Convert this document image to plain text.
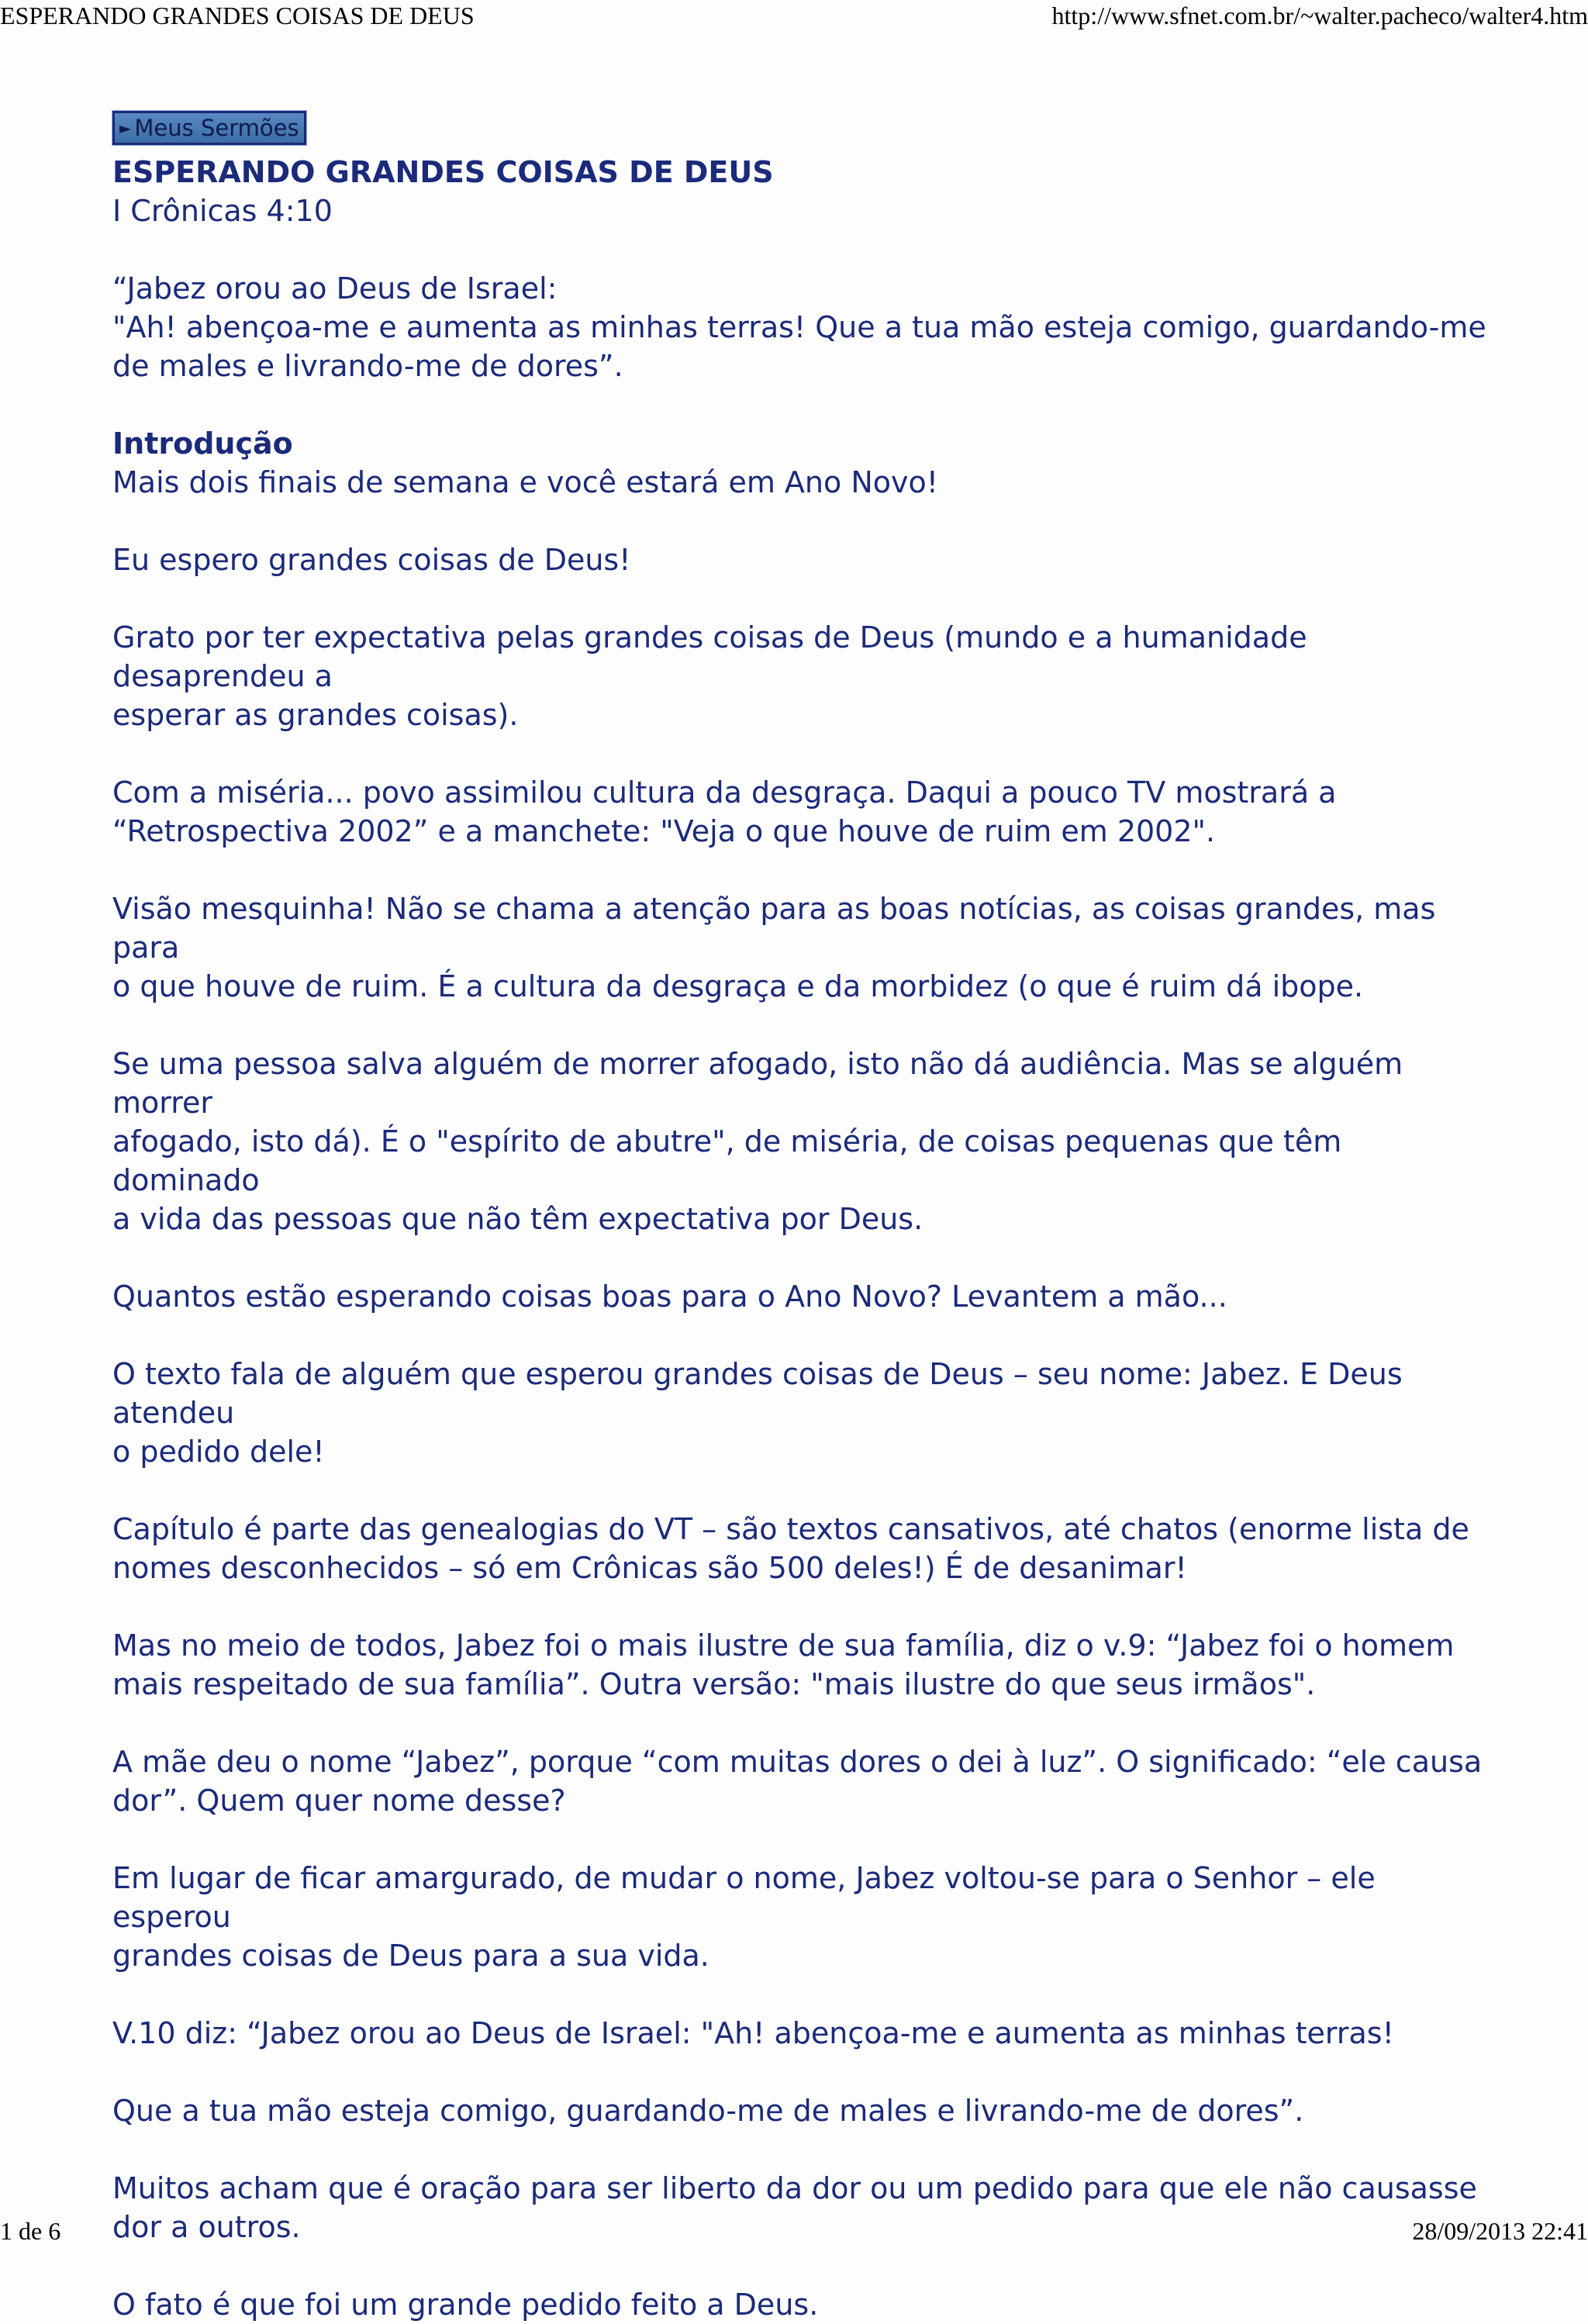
ESPERANDO GRANDES COISAS DE DEUS	http://www.sfnet.com.br/~walter.pacheco/walter4.htm
► Meus Sermões
ESPERANDO GRANDES COISAS DE DEUS
I Crônicas 4:10
“Jabez orou ao Deus de Israel:
"Ah! abençoa-me e aumenta as minhas terras! Que a tua mão esteja comigo, guardando-me
de males e livrando-me de dores”.
Introdução
Mais dois finais de semana e você estará em Ano Novo!
Eu espero grandes coisas de Deus!
Grato por ter expectativa pelas grandes coisas de Deus (mundo e a humanidade desaprendeu a
esperar as grandes coisas).
Com a miséria... povo assimilou cultura da desgraça. Daqui a pouco TV mostrará a
“Retrospectiva 2002” e a manchete: "Veja o que houve de ruim em 2002".
Visão mesquinha! Não se chama a atenção para as boas notícias, as coisas grandes, mas para
o que houve de ruim. É a cultura da desgraça e da morbidez (o que é ruim dá ibope.
Se uma pessoa salva alguém de morrer afogado, isto não dá audiência. Mas se alguém morrer
afogado, isto dá). É o "espírito de abutre", de miséria, de coisas pequenas que têm dominado
a vida das pessoas que não têm expectativa por Deus.
Quantos estão esperando coisas boas para o Ano Novo? Levantem a mão...
O texto fala de alguém que esperou grandes coisas de Deus – seu nome: Jabez. E Deus atendeu
o pedido dele!
Capítulo é parte das genealogias do VT – são textos cansativos, até chatos (enorme lista de
nomes desconhecidos – só em Crônicas são 500 deles!) É de desanimar!
Mas no meio de todos, Jabez foi o mais ilustre de sua família, diz o v.9: “Jabez foi o homem
mais respeitado de sua família”. Outra versão: "mais ilustre do que seus irmãos".
A mãe deu o nome “Jabez”, porque “com muitas dores o dei à luz”. O significado: “ele causa
dor”. Quem quer nome desse?
Em lugar de ficar amargurado, de mudar o nome, Jabez voltou-se para o Senhor – ele esperou
grandes coisas de Deus para a sua vida.
V.10 diz: “Jabez orou ao Deus de Israel: "Ah! abençoa-me e aumenta as minhas terras!
Que a tua mão esteja comigo, guardando-me de males e livrando-me de dores”.
Muitos acham que é oração para ser liberto da dor ou um pedido para que ele não causasse
dor a outros.
O fato é que foi um grande pedido feito a Deus.
1 de 6	28/09/2013 22:41
